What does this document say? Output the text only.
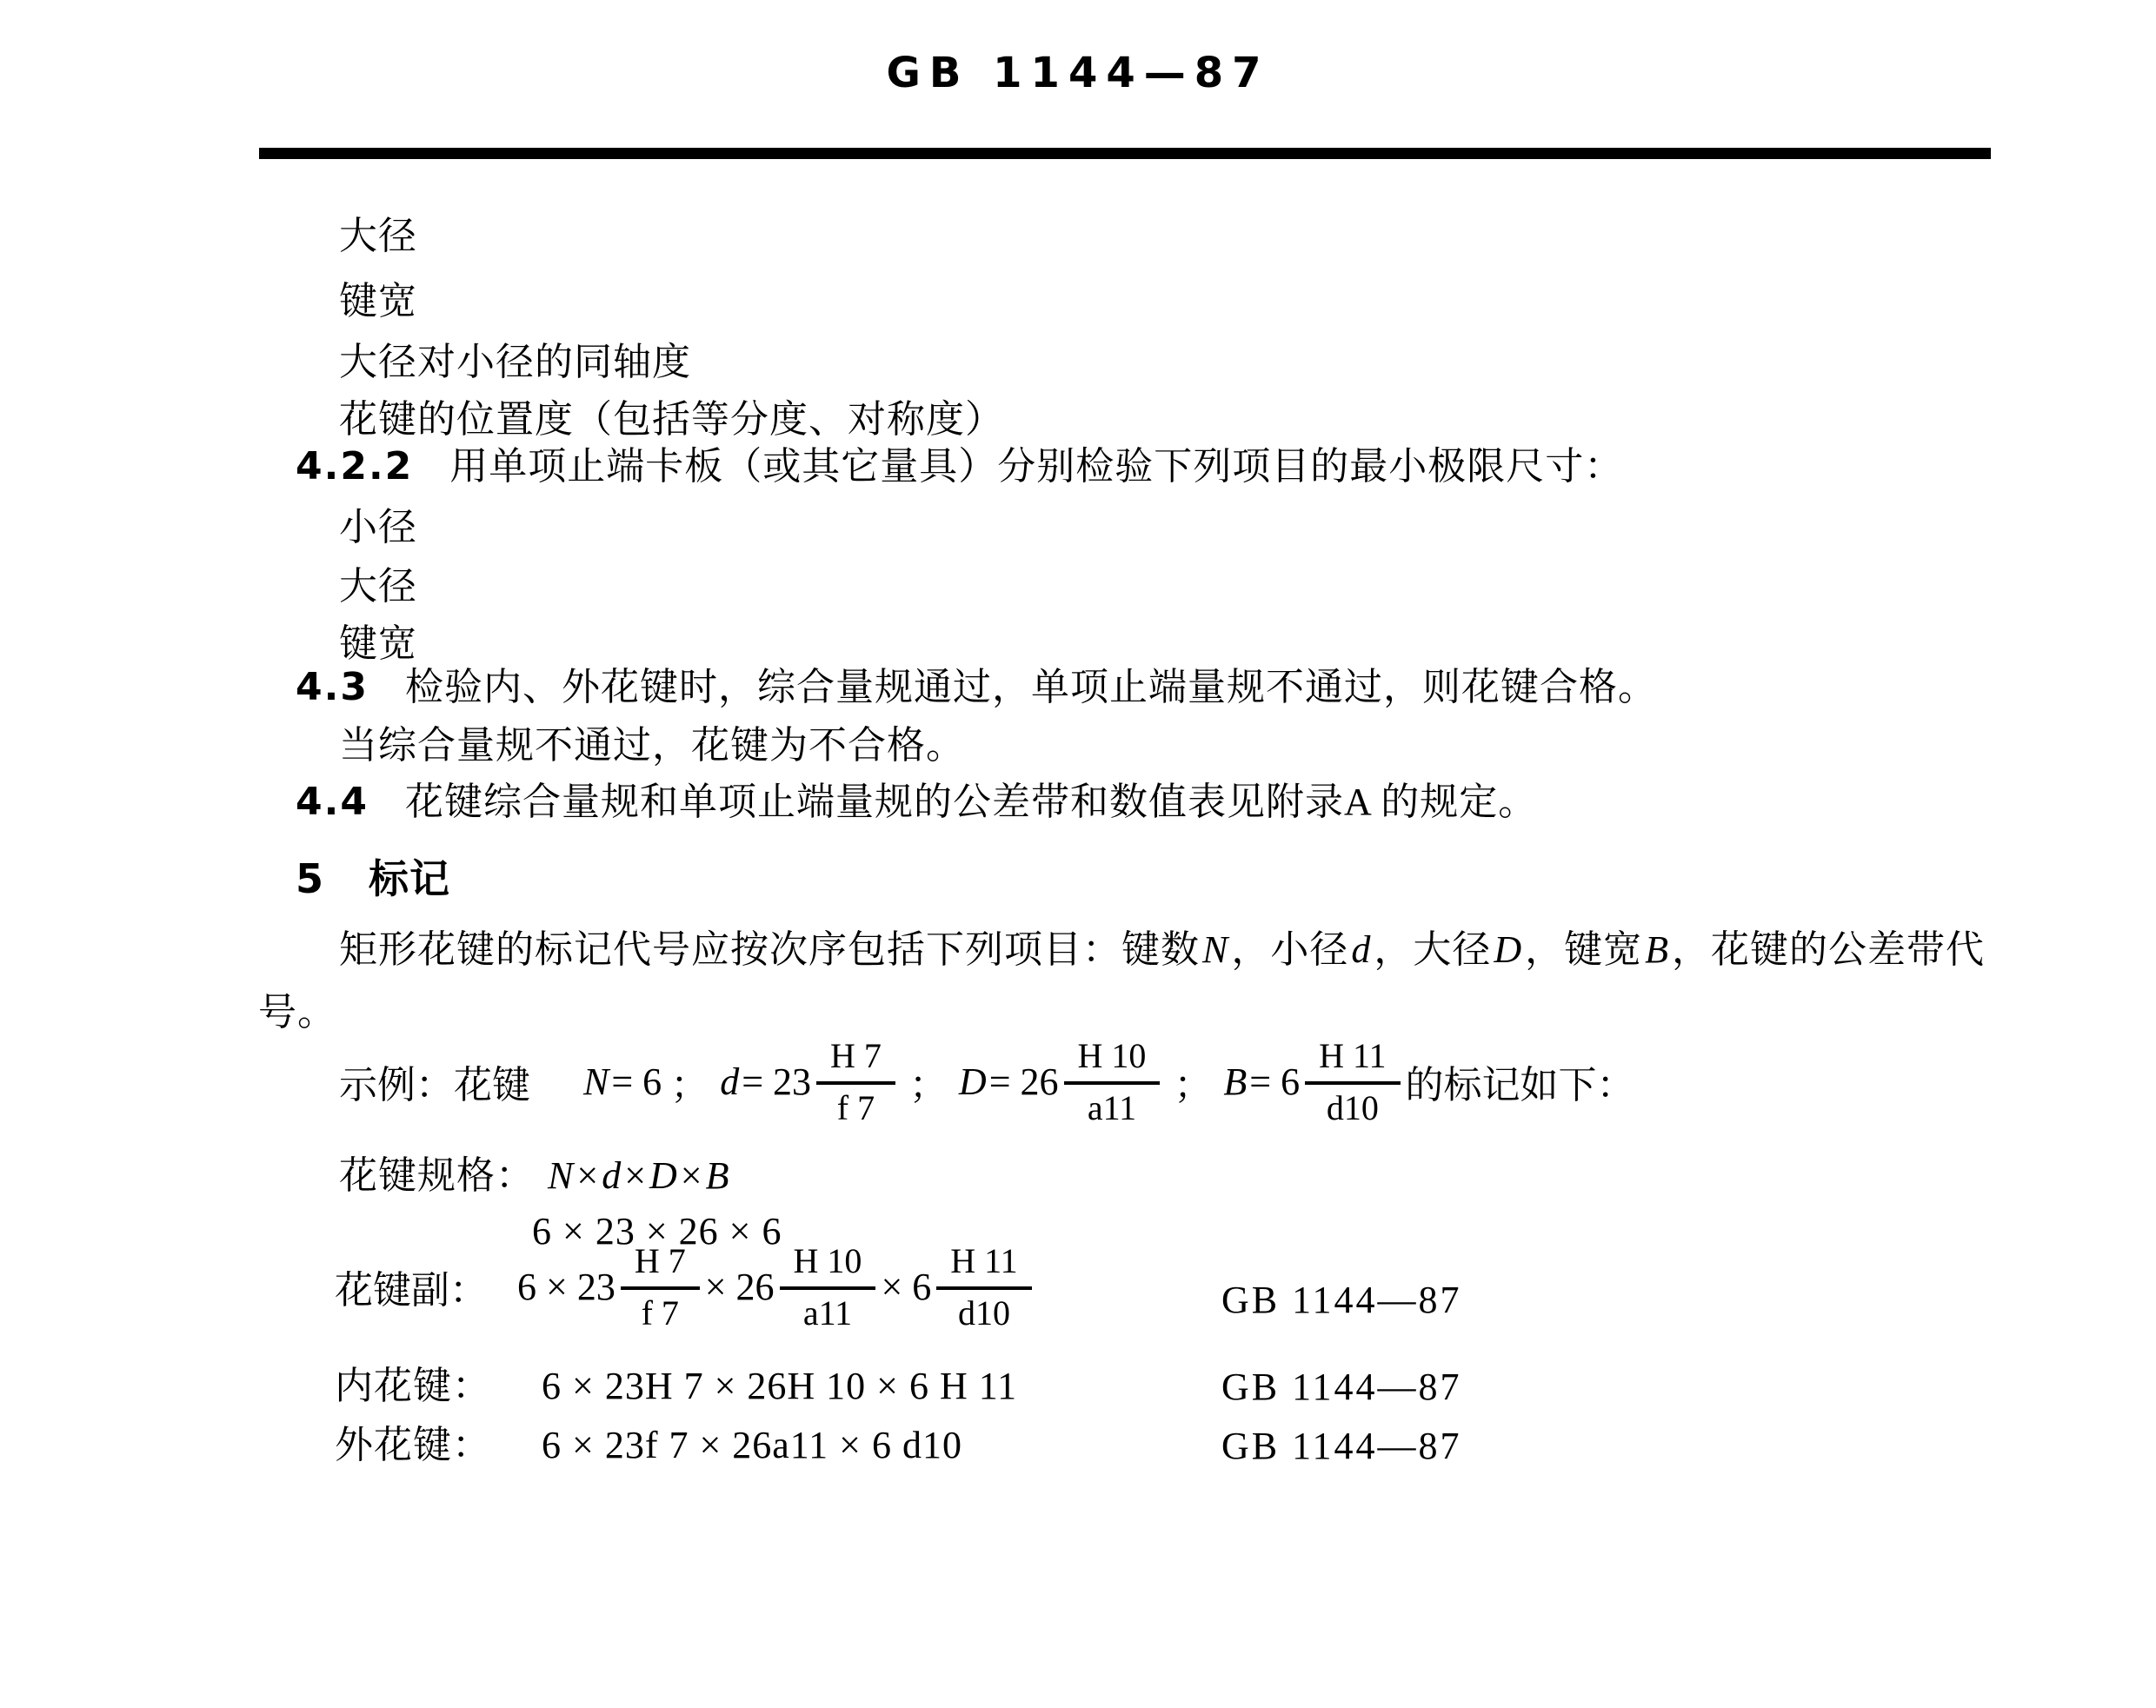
GB 1144—87
大径
键宽
大径对小径的同轴度
花键的位置度（包括等分度、对称度）
4.2.2 用单项止端卡板（或其它量具）分别检验下列项目的最小极限尺寸：
小径
大径
键宽
4.3 检验内、外花键时，综合量规通过，单项止端量规不通过，则花键合格。
当综合量规不通过，花键为不合格。
4.4 花键综合量规和单项止端量规的公差带和数值表见附录A 的规定。
5 标记
矩形花键的标记代号应按次序包括下列项目：键数N，小径d，大径D，键宽B，花键的公差带代
号。
示例：花键 N = 6 ； $d = 23 \frac{H 7}{f 7}$ ； $D = 26 \frac{H 10}{a11}$ ； $B = 6 \frac{H 11}{d10}$ 的标记如下：
花键规格： N×d×D×B
6 × 23 × 26 × 6
花键副： $6 \times 23 \frac{H 7}{f 7} \times 26 \frac{H 10}{a11} \times 6 \frac{H 11}{d10}$	GB 1144—87
内花键： 6 × 23H 7 × 26H 10 × 6 H 11	GB 1144—87
外花键： 6 × 23f 7 × 26a11 × 6 d10	GB 1144—87
